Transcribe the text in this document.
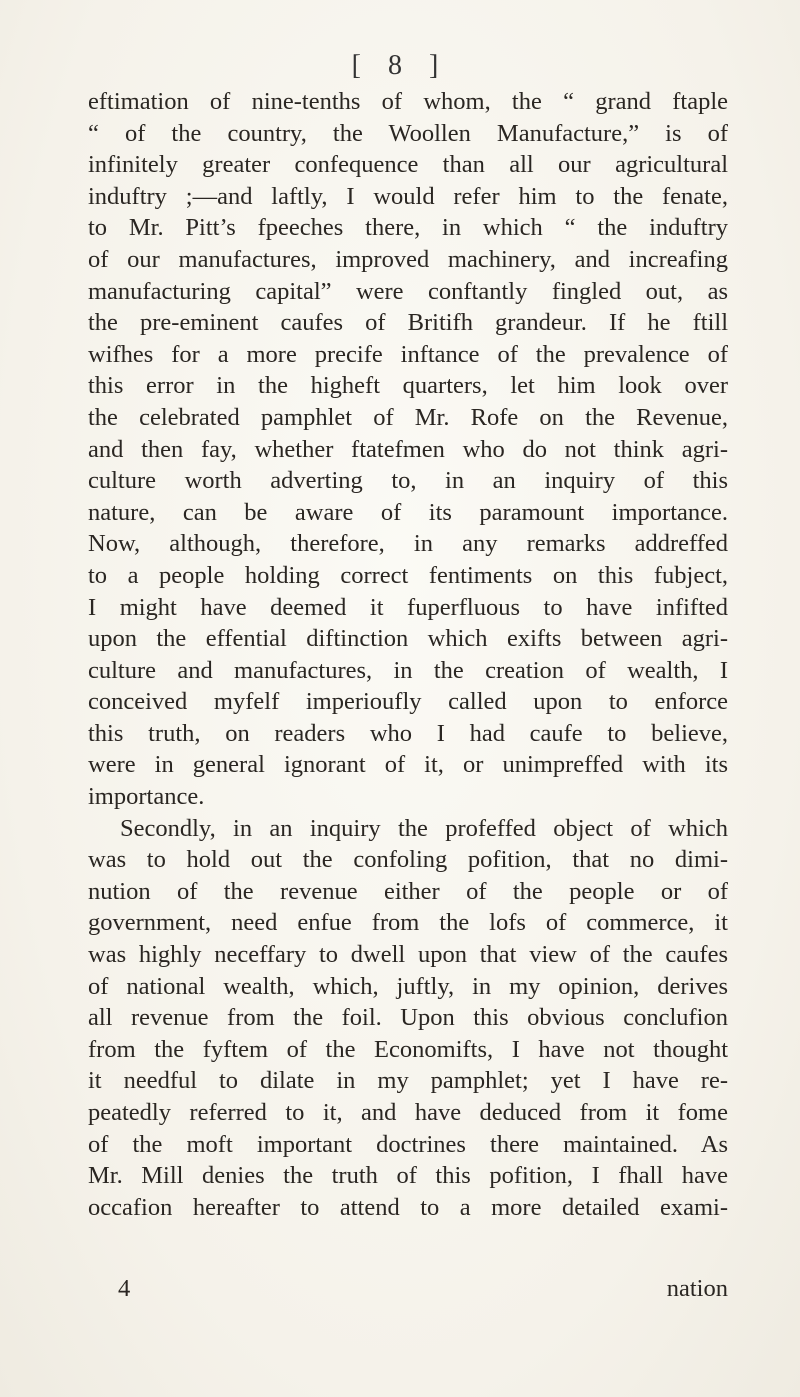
[ 8 ]
eftimation of nine-tenths of whom, the “ grand ftaple
“ of the country, the Woollen Manufacture,” is of
infinitely greater confequence than all our agricultural
induftry ;—and laftly, I would refer him to the fenate,
to Mr. Pitt’s fpeeches there, in which “ the induftry
of our manufactures, improved machinery, and increafing
manufacturing capital” were conftantly fingled out, as
the pre-eminent caufes of Britifh grandeur. If he ftill
wifhes for a more precife inftance of the prevalence of
this error in the higheft quarters, let him look over
the celebrated pamphlet of Mr. Rofe on the Revenue,
and then fay, whether ftatefmen who do not think agri-
culture worth adverting to, in an inquiry of this
nature, can be aware of its paramount importance.
Now, although, therefore, in any remarks addreffed
to a people holding correct fentiments on this fubject,
I might have deemed it fuperfluous to have infifted
upon the effential diftinction which exifts between agri-
culture and manufactures, in the creation of wealth, I
conceived myfelf imperioufly called upon to enforce
this truth, on readers who I had caufe to believe,
were in general ignorant of it, or unimpreffed with its
importance.
Secondly, in an inquiry the profeffed object of which
was to hold out the confoling pofition, that no dimi-
nution of the revenue either of the people or of
government, need enfue from the lofs of commerce, it
was highly neceffary to dwell upon that view of the caufes
of national wealth, which, juftly, in my opinion, derives
all revenue from the foil. Upon this obvious conclufion
from the fyftem of the Economifts, I have not thought
it needful to dilate in my pamphlet; yet I have re-
peatedly referred to it, and have deduced from it fome
of the moft important doctrines there maintained. As
Mr. Mill denies the truth of this pofition, I fhall have
occafion hereafter to attend to a more detailed exami-
4	nation
